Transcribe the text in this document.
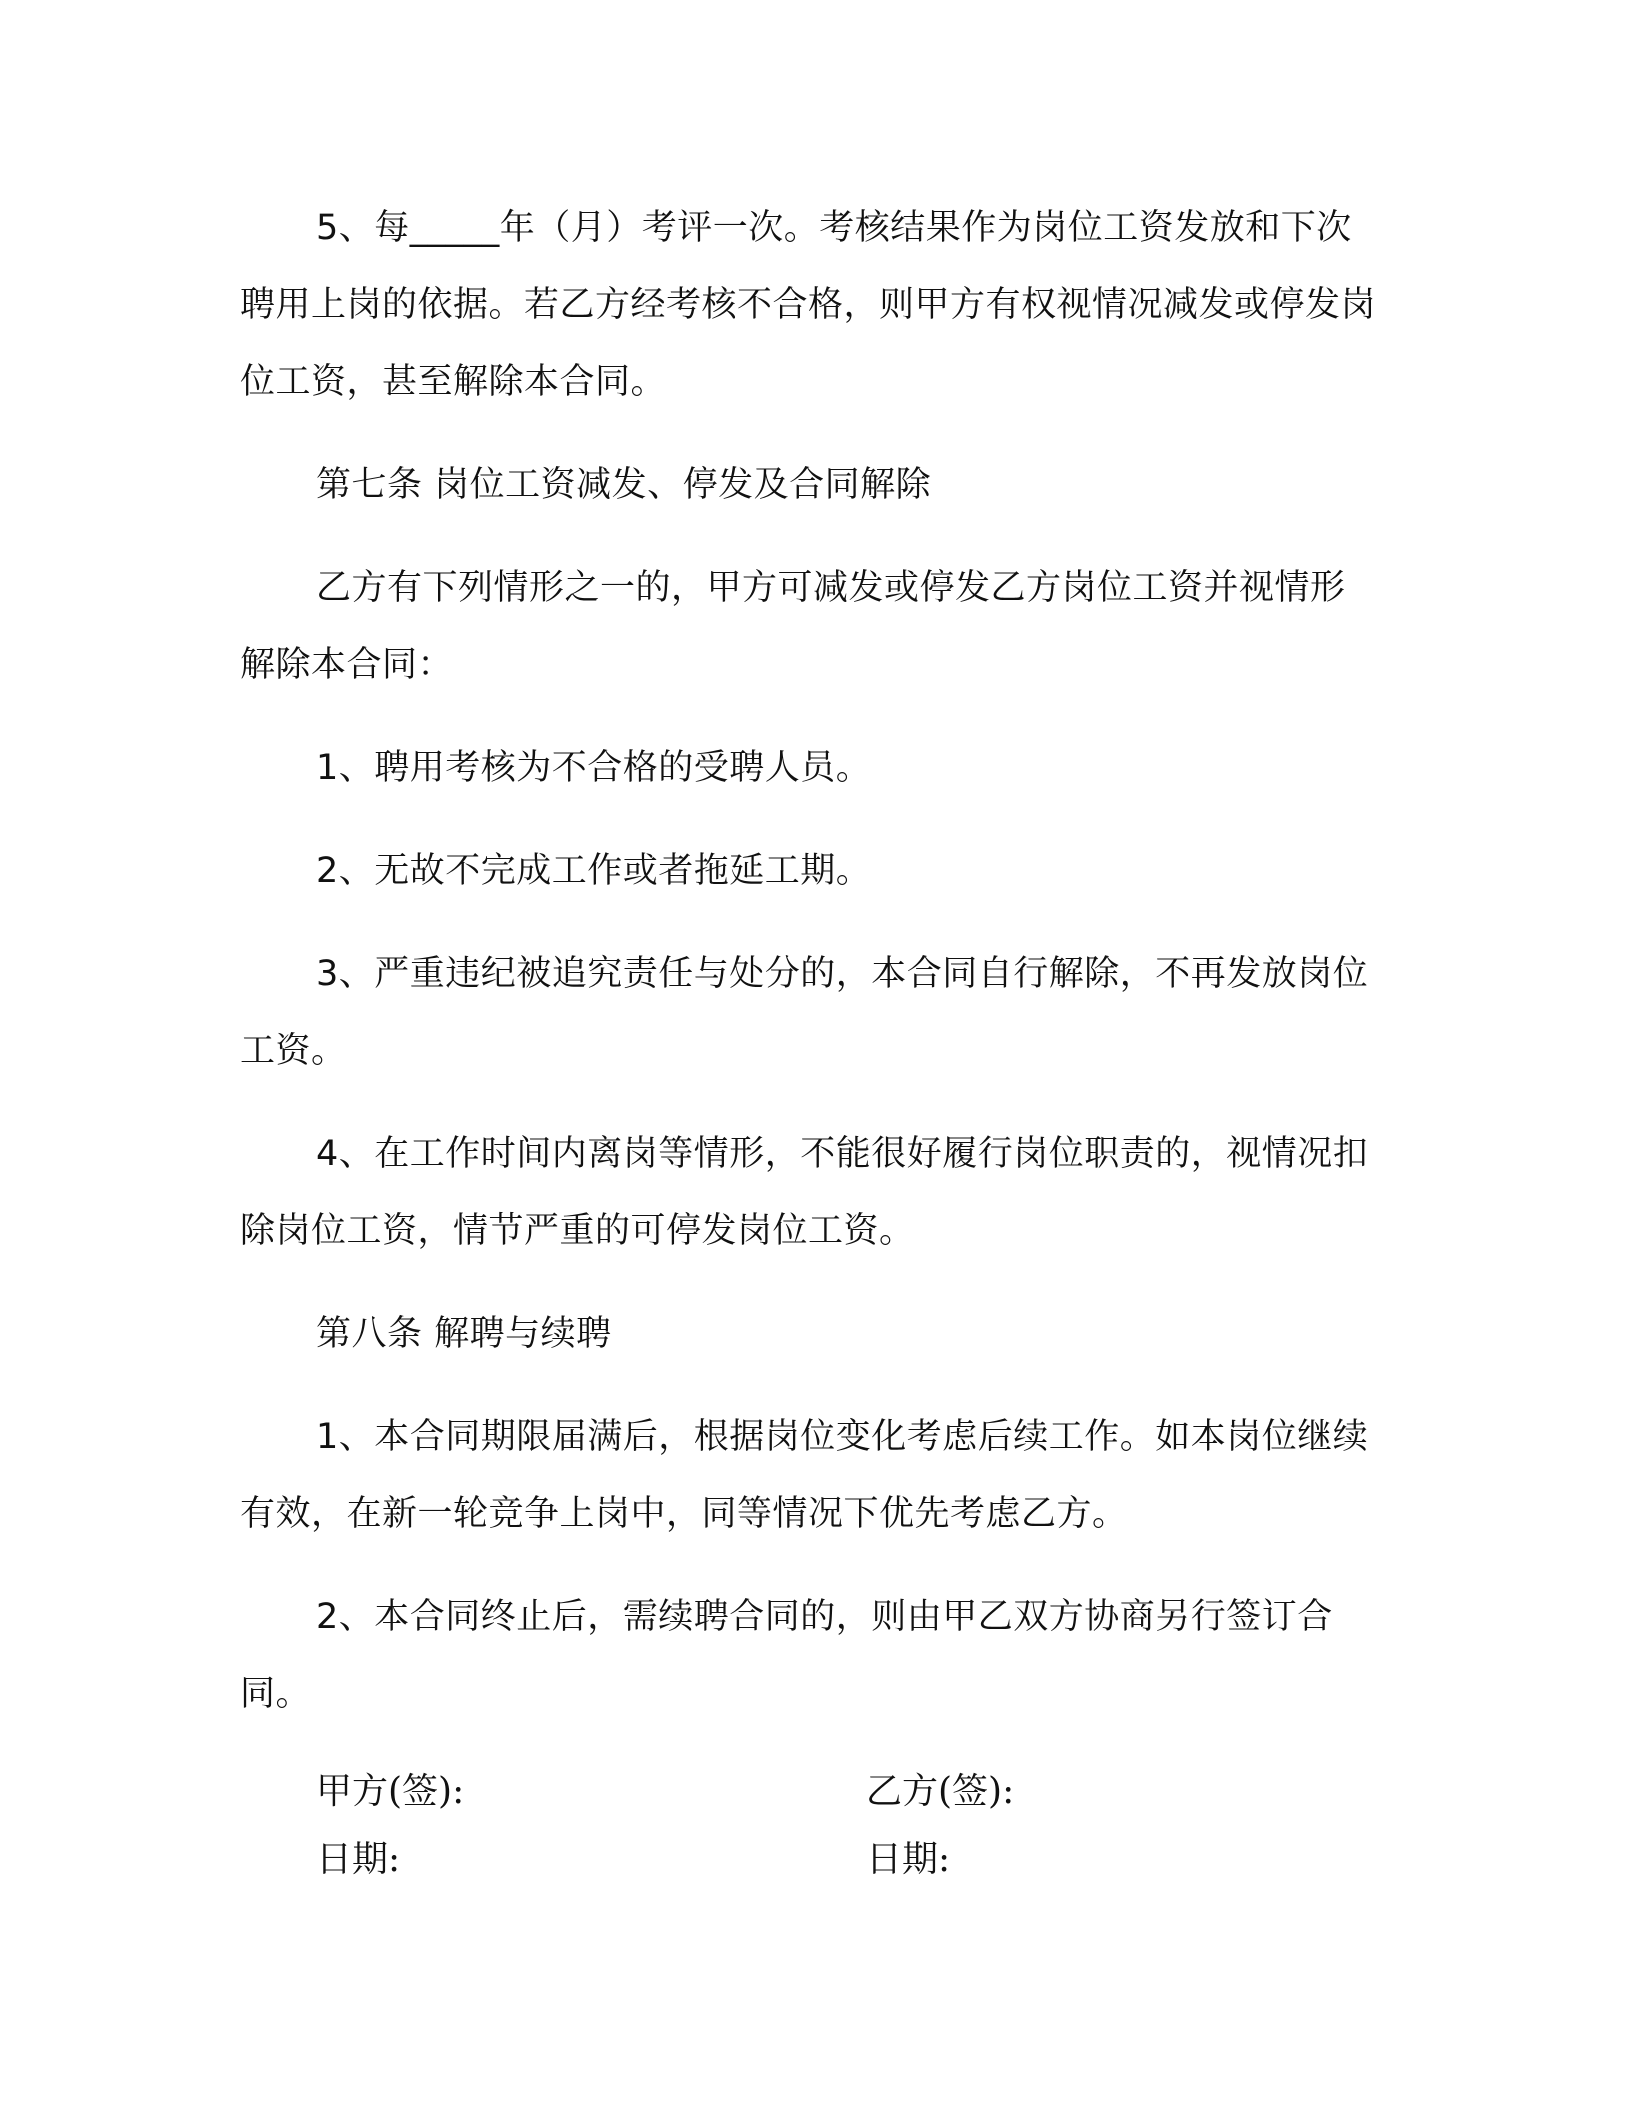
5、每_____年（月）考评一次。考核结果作为岗位工资发放和下次聘用上岗的依据。若乙方经考核不合格，则甲方有权视情况减发或停发岗位工资，甚至解除本合同。

第七条 岗位工资减发、停发及合同解除

乙方有下列情形之一的，甲方可减发或停发乙方岗位工资并视情形解除本合同：

1、聘用考核为不合格的受聘人员。

2、无故不完成工作或者拖延工期。

3、严重违纪被追究责任与处分的，本合同自行解除，不再发放岗位工资。

4、在工作时间内离岗等情形，不能很好履行岗位职责的，视情况扣除岗位工资，情节严重的可停发岗位工资。

第八条 解聘与续聘

1、本合同期限届满后，根据岗位变化考虑后续工作。如本岗位继续有效，在新一轮竞争上岗中，同等情况下优先考虑乙方。

2、本合同终止后，需续聘合同的，则由甲乙双方协商另行签订合同。

甲方(签):	乙方(签):
日期:	日期:
